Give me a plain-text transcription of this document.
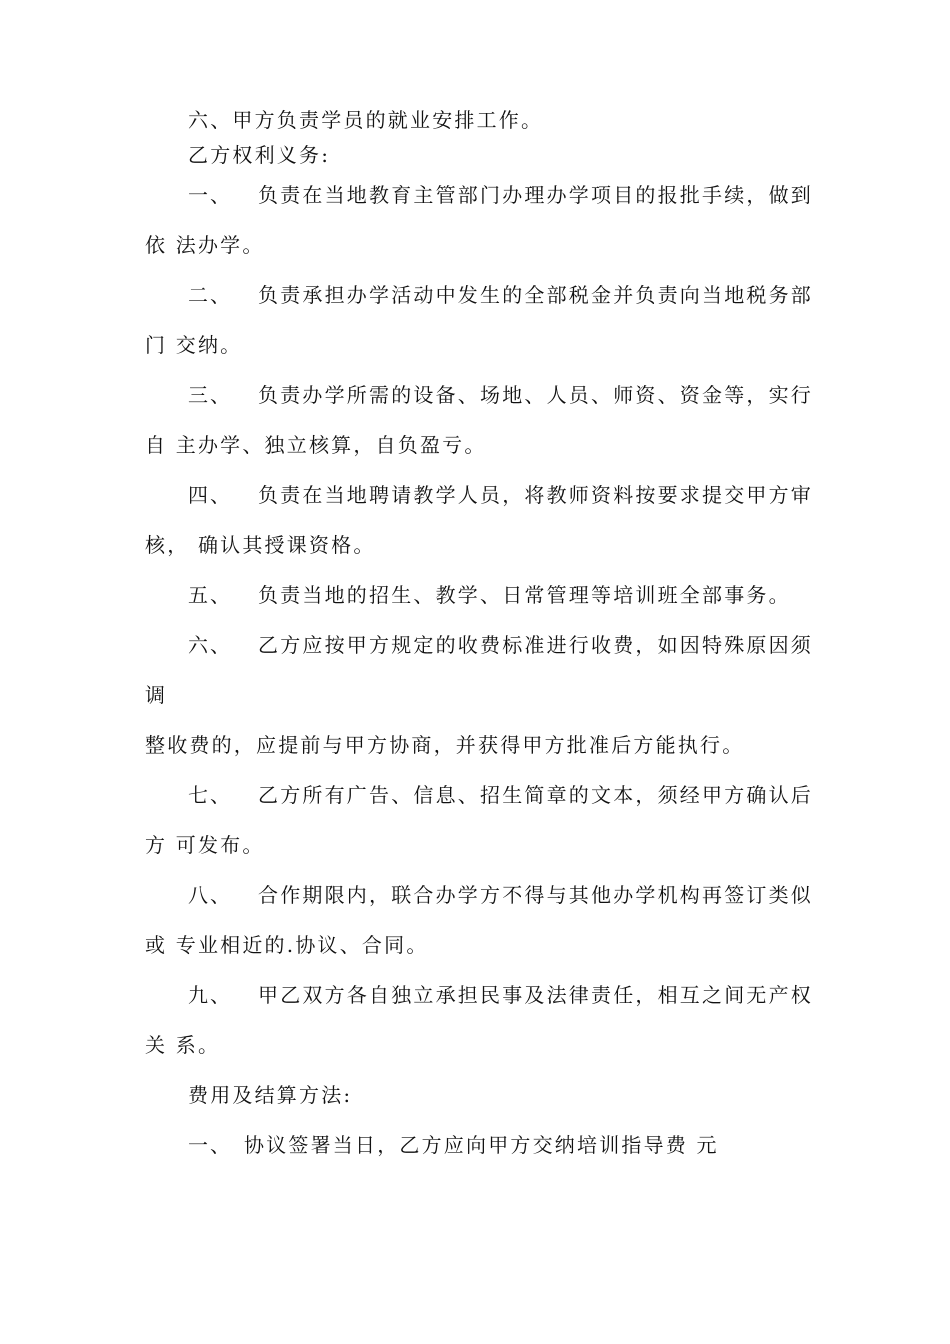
六、甲方负责学员的就业安排工作。
乙方权利义务:
一、 负责在当地教育主管部门办理办学项目的报批手续，做到
依 法办学。
二、 负责承担办学活动中发生的全部税金并负责向当地税务部
门 交纳。
三、 负责办学所需的设备、场地、人员、师资、资金等，实行
自 主办学、独立核算，自负盈亏。
四、 负责在当地聘请教学人员，将教师资料按要求提交甲方审
核， 确认其授课资格。
五、 负责当地的招生、教学、日常管理等培训班全部事务。
六、 乙方应按甲方规定的收费标准进行收费，如因特殊原因须
调
整收费的，应提前与甲方协商，并获得甲方批准后方能执行。
七、 乙方所有广告、信息、招生简章的文本，须经甲方确认后
方 可发布。
八、 合作期限内，联合办学方不得与其他办学机构再签订类似
或 专业相近的.协议、合同。
九、 甲乙双方各自独立承担民事及法律责任，相互之间无产权
关 系。
费用及结算方法:
一、 协议签署当日，乙方应向甲方交纳培训指导费 元
